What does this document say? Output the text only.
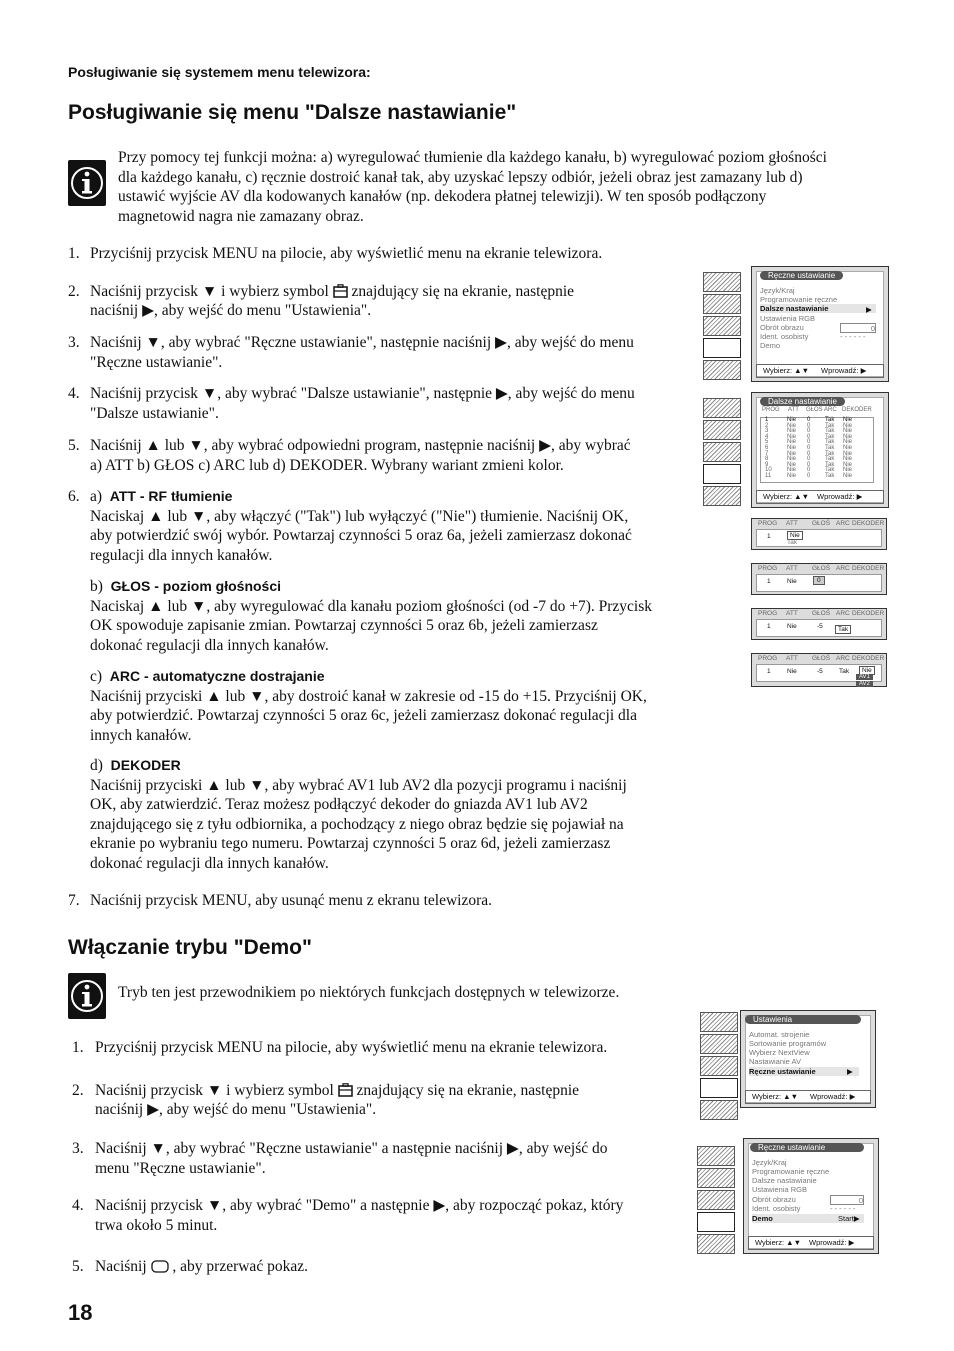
Posługiwanie się systemem menu telewizora:
Posługiwanie się menu "Dalsze nastawianie"
Przy pomocy tej funkcji można: a) wyregulować tłumienie dla każdego kanału, b) wyregulować poziom głośności
dla każdego kanału, c) ręcznie dostroić kanał tak, aby uzyskać lepszy odbiór, jeżeli obraz jest zamazany lub d)
ustawić wyjście AV dla kodowanych kanałów (np. dekodera płatnej telewizji). W ten sposób podłączony
magnetowid nagra nie zamazany obraz.
1. Przyciśnij przycisk MENU na pilocie, aby wyświetlić menu na ekranie telewizora.
2. Naciśnij przycisk ▼ i wybierz symbol znajdujący się na ekranie, następnie
naciśnij ▶, aby wejść do menu "Ustawienia".
3. Naciśnij ▼, aby wybrać "Ręczne ustawianie", następnie naciśnij ▶, aby wejść do menu
"Ręczne ustawianie".
4. Naciśnij przycisk ▼, aby wybrać "Dalsze ustawianie", następnie ▶, aby wejść do menu
"Dalsze ustawianie".
5. Naciśnij ▲ lub ▼, aby wybrać odpowiedni program, następnie naciśnij ▶, aby wybrać
a) ATT b) GŁOS c) ARC lub d) DEKODER. Wybrany wariant zmieni kolor.
6. a) ATT - RF tłumienie
Naciskaj ▲ lub ▼, aby włączyć ("Tak") lub wyłączyć ("Nie") tłumienie. Naciśnij OK,
aby potwierdzić swój wybór. Powtarzaj czynności 5 oraz 6a, jeżeli zamierzasz dokonać
regulacji dla innych kanałów.
b) GŁOS - poziom głośności
Naciskaj ▲ lub ▼, aby wyregulować dla kanału poziom głośności (od -7 do +7). Przycisk
OK spowoduje zapisanie zmian. Powtarzaj czynności 5 oraz 6b, jeżeli zamierzasz
dokonać regulacji dla innych kanałów.
c) ARC - automatyczne dostrajanie
Naciśnij przyciski ▲ lub ▼, aby dostroić kanał w zakresie od -15 do +15. Przyciśnij OK,
aby potwierdzić. Powtarzaj czynności 5 oraz 6c, jeżeli zamierzasz dokonać regulacji dla
innych kanałów.
d) DEKODER
Naciśnij przyciski ▲ lub ▼, aby wybrać AV1 lub AV2 dla pozycji programu i naciśnij
OK, aby zatwierdzić. Teraz możesz podłączyć dekoder do gniazda AV1 lub AV2
znajdującego się z tyłu odbiornika, a pochodzący z niego obraz będzie się pojawiał na
ekranie po wybraniu tego numeru. Powtarzaj czynności 5 oraz 6d, jeżeli zamierzasz
dokonać regulacji dla innych kanałów.
7. Naciśnij przycisk MENU, aby usunąć menu z ekranu telewizora.
Włączanie trybu "Demo"
Tryb ten jest przewodnikiem po niektórych funkcjach dostępnych w telewizorze.
1. Przyciśnij przycisk MENU na pilocie, aby wyświetlić menu na ekranie telewizora.
2. Naciśnij przycisk ▼ i wybierz symbol znajdujący się na ekranie, następnie
naciśnij ▶, aby wejść do menu "Ustawienia".
3. Naciśnij ▼, aby wybrać "Ręczne ustawianie" a następnie naciśnij ▶, aby wejść do
menu "Ręczne ustawianie".
4. Naciśnij przycisk ▼, aby wybrać "Demo" a następnie ▶, aby rozpocząć pokaz, który
trwa około 5 minut.
5. Naciśnij , aby przerwać pokaz.
18
Ręczne ustawianie
Język/Kraj
Programowanie ręczne
Dalsze nastawianie	▶
Ustawienia RGB
Obrót obrazu	0
Ident. osobisty	- - - - - -
Demo
Wybierz: ▲▼ Wprowadź: ▶
Dalsze nastawianie
PROG ATT GŁOŚ ARC DEKODER
1	Nie 0 Tak Nie
2	Nie 0 Tak Nie
3	Nie 0 Tak Nie
4	Nie 0 Tak Nie
5	Nie 0 Tak Nie
6	Nie 0 Tak Nie
7	Nie 0 Tak Nie
8	Nie 0 Tak Nie
9	Nie 0 Tak Nie
10	Nie 0 Tak Nie
11	Nie 0 Tak Nie
Wybierz: ▲▼ Wprowadź: ▶
PROG ATT GŁOŚ ARC DEKODER
1	Nie
Tak
PROG ATT GŁOŚ ARC DEKODER
1	Nie	0
PROG ATT GŁOŚ ARC DEKODER
1	Nie	-5	Tak
PROG ATT GŁOŚ ARC DEKODER
1	Nie	-5 Tak	Nie
AV1
AV2
Ustawienia
Automat. strojenie
Sortowanie programów
Wybierz NextView
Nastawianie AV
Ręczne ustawianie	▶
Wybierz: ▲▼ Wprowadź: ▶
Ręczne ustawianie
Język/Kraj
Programowanie ręczne
Dalsze nastawianie
Ustawienia RGB
Obrót obrazu	0
Ident. osobisty	- - - - - -
Demo	Start▶
Wybierz: ▲▼ Wprowadź: ▶
